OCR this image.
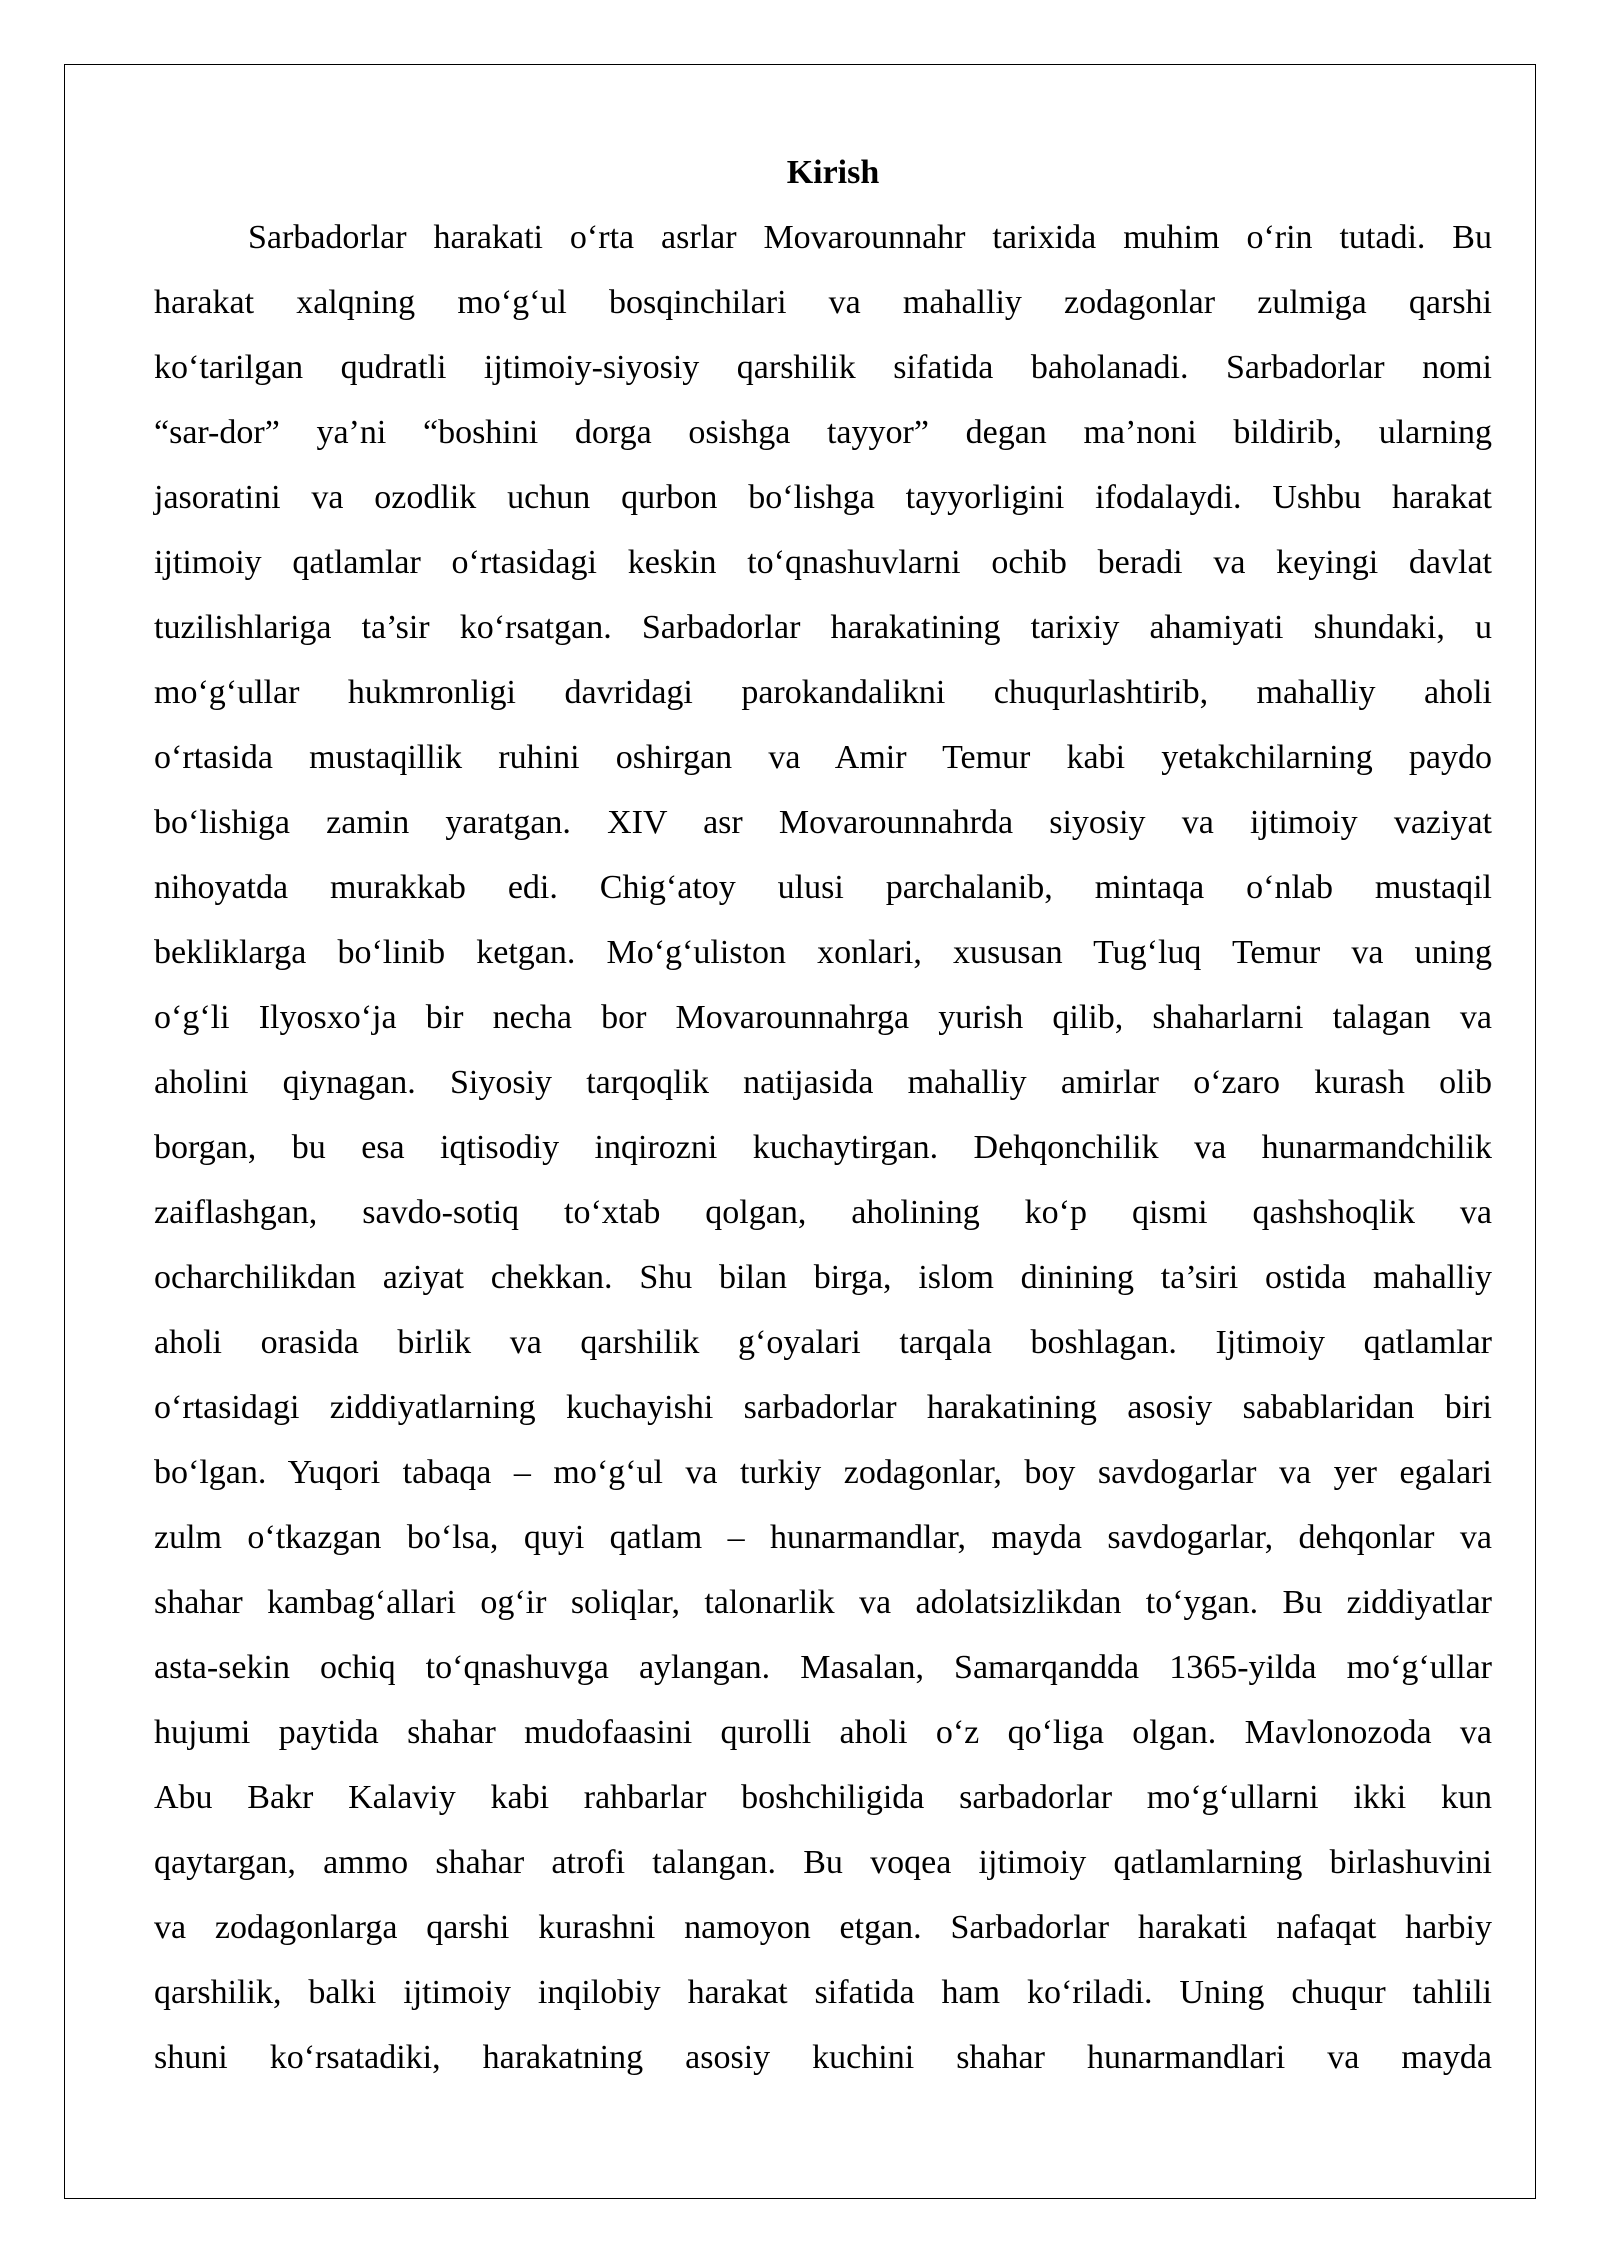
Kirish
Sarbadorlar harakati o‘rta asrlar Movarounnahr tarixida muhim o‘rin tutadi. Bu
harakat xalqning mo‘g‘ul bosqinchilari va mahalliy zodagonlar zulmiga qarshi
ko‘tarilgan qudratli ijtimoiy-siyosiy qarshilik sifatida baholanadi. Sarbadorlar nomi
“sar-dor” ya’ni “boshini dorga osishga tayyor” degan ma’noni bildirib, ularning
jasoratini va ozodlik uchun qurbon bo‘lishga tayyorligini ifodalaydi. Ushbu harakat
ijtimoiy qatlamlar o‘rtasidagi keskin to‘qnashuvlarni ochib beradi va keyingi davlat
tuzilishlariga ta’sir ko‘rsatgan. Sarbadorlar harakatining tarixiy ahamiyati shundaki, u
mo‘g‘ullar hukmronligi davridagi parokandalikni chuqurlashtirib, mahalliy aholi
o‘rtasida mustaqillik ruhini oshirgan va Amir Temur kabi yetakchilarning paydo
bo‘lishiga zamin yaratgan. XIV asr Movarounnahrda siyosiy va ijtimoiy vaziyat
nihoyatda murakkab edi. Chig‘atoy ulusi parchalanib, mintaqa o‘nlab mustaqil
bekliklarga bo‘linib ketgan. Mo‘g‘uliston xonlari, xususan Tug‘luq Temur va uning
o‘g‘li Ilyosxo‘ja bir necha bor Movarounnahrga yurish qilib, shaharlarni talagan va
aholini qiynagan. Siyosiy tarqoqlik natijasida mahalliy amirlar o‘zaro kurash olib
borgan, bu esa iqtisodiy inqirozni kuchaytirgan. Dehqonchilik va hunarmandchilik
zaiflashgan, savdo-sotiq to‘xtab qolgan, aholining ko‘p qismi qashshoqlik va
ocharchilikdan aziyat chekkan. Shu bilan birga, islom dinining ta’siri ostida mahalliy
aholi orasida birlik va qarshilik g‘oyalari tarqala boshlagan. Ijtimoiy qatlamlar
o‘rtasidagi ziddiyatlarning kuchayishi sarbadorlar harakatining asosiy sabablaridan biri
bo‘lgan. Yuqori tabaqa – mo‘g‘ul va turkiy zodagonlar, boy savdogarlar va yer egalari
zulm o‘tkazgan bo‘lsa, quyi qatlam – hunarmandlar, mayda savdogarlar, dehqonlar va
shahar kambag‘allari og‘ir soliqlar, talonarlik va adolatsizlikdan to‘ygan. Bu ziddiyatlar
asta-sekin ochiq to‘qnashuvga aylangan. Masalan, Samarqandda 1365-yilda mo‘g‘ullar
hujumi paytida shahar mudofaasini qurolli aholi o‘z qo‘liga olgan. Mavlonozoda va
Abu Bakr Kalaviy kabi rahbarlar boshchiligida sarbadorlar mo‘g‘ullarni ikki kun
qaytargan, ammo shahar atrofi talangan. Bu voqea ijtimoiy qatlamlarning birlashuvini
va zodagonlarga qarshi kurashni namoyon etgan. Sarbadorlar harakati nafaqat harbiy
qarshilik, balki ijtimoiy inqilobiy harakat sifatida ham ko‘riladi. Uning chuqur tahlili
shuni ko‘rsatadiki, harakatning asosiy kuchini shahar hunarmandlari va mayda
